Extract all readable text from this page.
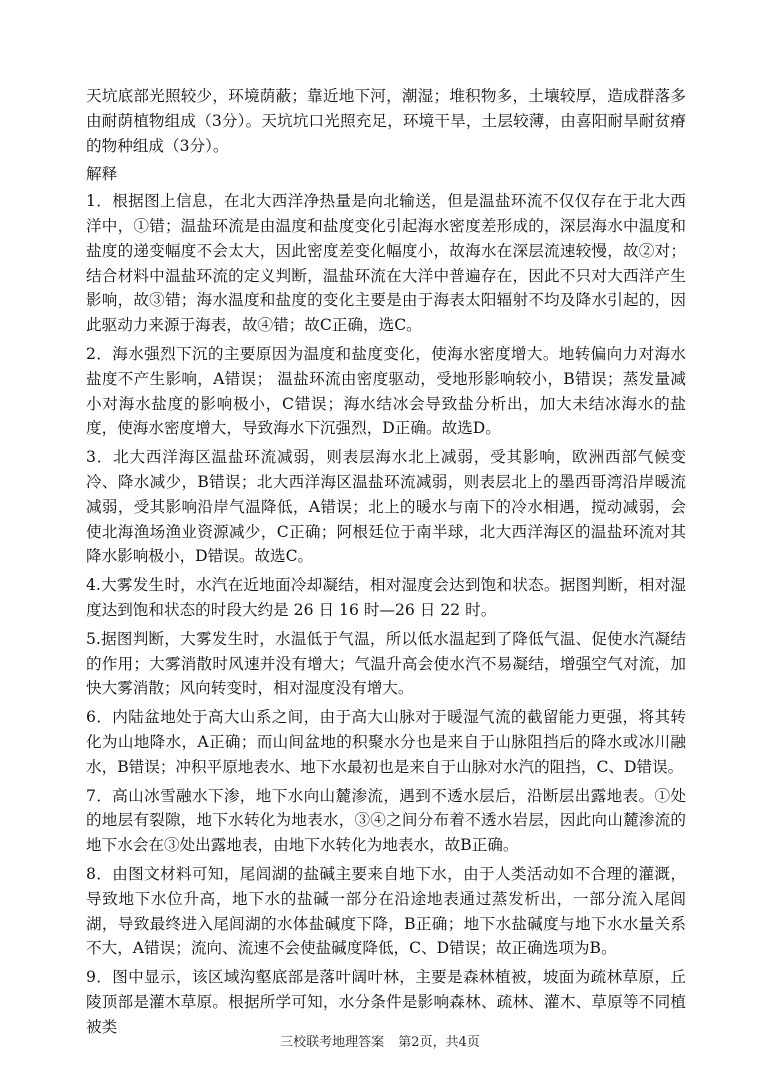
天坑底部光照较少，环境荫蔽；靠近地下河，潮湿；堆积物多，土壤较厚，造成群落多由耐荫植物组成（3分）。天坑坑口光照充足，环境干旱，土层较薄，由喜阳耐旱耐贫瘠的物种组成（3分）。

解释

1．根据图上信息，在北大西洋净热量是向北输送，但是温盐环流不仅仅存在于北大西洋中，①错；温盐环流是由温度和盐度变化引起海水密度差形成的，深层海水中温度和盐度的递变幅度不会太大，因此密度差变化幅度小，故海水在深层流速较慢，故②对；结合材料中温盐环流的定义判断，温盐环流在大洋中普遍存在，因此不只对大西洋产生影响，故③错；海水温度和盐度的变化主要是由于海表太阳辐射不均及降水引起的，因此驱动力来源于海表，故④错；故C正确，选C。

2．海水强烈下沉的主要原因为温度和盐度变化，使海水密度增大。地转偏向力对海水盐度不产生影响，A错误； 温盐环流由密度驱动，受地形影响较小，B错误；蒸发量减小对海水盐度的影响极小，C错误；海水结冰会导致盐分析出，加大未结冰海水的盐度，使海水密度增大，导致海水下沉强烈，D正确。故选D。

3．北大西洋海区温盐环流减弱，则表层海水北上减弱，受其影响，欧洲西部气候变冷、降水减少，B错误；北大西洋海区温盐环流减弱，则表层北上的墨西哥湾沿岸暖流减弱，受其影响沿岸气温降低，A错误；北上的暖水与南下的冷水相遇，搅动减弱，会使北海渔场渔业资源减少，C正确；阿根廷位于南半球，北大西洋海区的温盐环流对其降水影响极小，D错误。故选C。

4.大雾发生时，水汽在近地面冷却凝结，相对湿度会达到饱和状态。据图判断，相对湿度达到饱和状态的时段大约是 26 日 16 时—26 日 22 时。

5.据图判断，大雾发生时，水温低于气温，所以低水温起到了降低气温、促使水汽凝结的作用；大雾消散时风速并没有增大；气温升高会使水汽不易凝结，增强空气对流，加快大雾消散；风向转变时，相对湿度没有增大。

6．内陆盆地处于高大山系之间，由于高大山脉对于暖湿气流的截留能力更强，将其转化为山地降水，A正确；而山间盆地的积聚水分也是来自于山脉阻挡后的降水或冰川融水，B错误；冲积平原地表水、地下水最初也是来自于山脉对水汽的阻挡，C、D错误。

7．高山冰雪融水下渗，地下水向山麓渗流，遇到不透水层后，沿断层出露地表。①处的地层有裂隙，地下水转化为地表水，③④之间分布着不透水岩层，因此向山麓渗流的地下水会在③处出露地表，由地下水转化为地表水，故B正确。

8．由图文材料可知，尾闾湖的盐碱主要来自地下水，由于人类活动如不合理的灌溉，导致地下水位升高，地下水的盐碱一部分在沿途地表通过蒸发析出，一部分流入尾闾湖，导致最终进入尾闾湖的水体盐碱度下降，B正确；地下水盐碱度与地下水水量关系不大，A错误；流向、流速不会使盐碱度降低，C、D错误；故正确选项为B。

9．图中显示，该区域沟壑底部是落叶阔叶林，主要是森林植被，坡面为疏林草原，丘陵顶部是灌木草原。根据所学可知，水分条件是影响森林、疏林、灌木、草原等不同植被类

三校联考地理答案 第2页，共4页
